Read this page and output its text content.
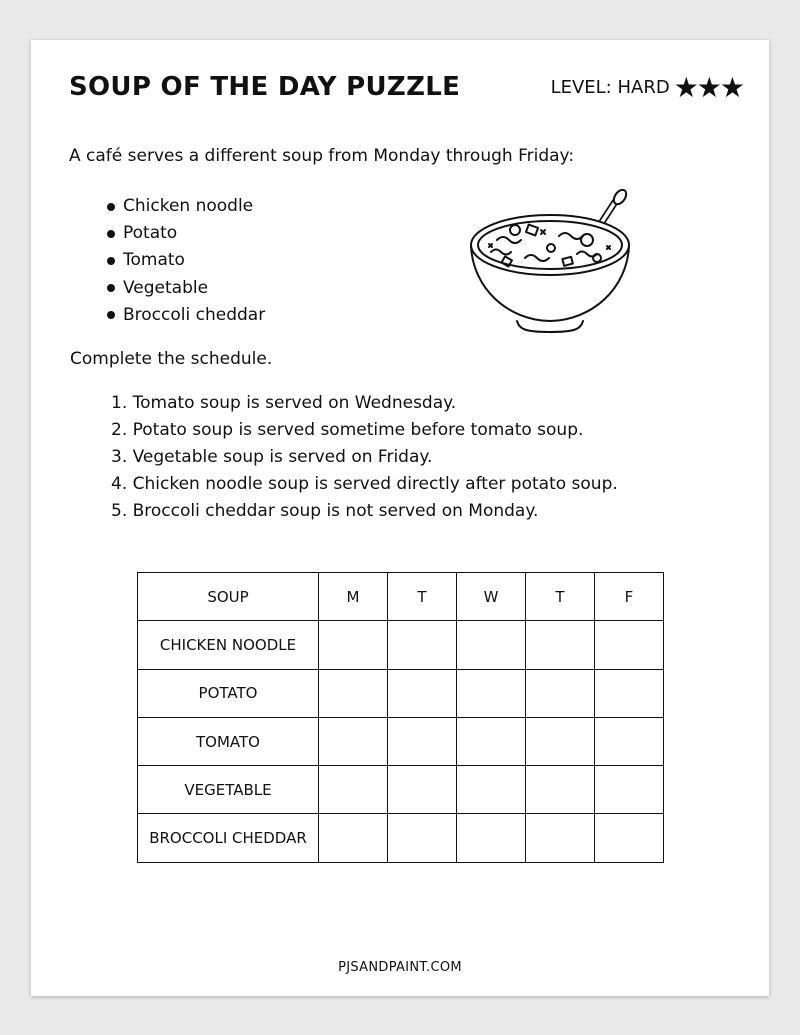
SOUP OF THE DAY PUZZLE	LEVEL: HARD ★★★

A café serves a different soup from Monday through Friday:

Chicken noodle
Potato
Tomato
Vegetable
Broccoli cheddar

Complete the schedule.

1. Tomato soup is served on Wednesday.
2. Potato soup is served sometime before tomato soup.
3. Vegetable soup is served on Friday.
4. Chicken noodle soup is served directly after potato soup.
5. Broccoli cheddar soup is not served on Monday.
SOUP	M	T	W	T	F
CHICKEN NOODLE					
POTATO					
TOMATO					
VEGETABLE					
BROCCOLI CHEDDAR					

PJSANDPAINT.COM
